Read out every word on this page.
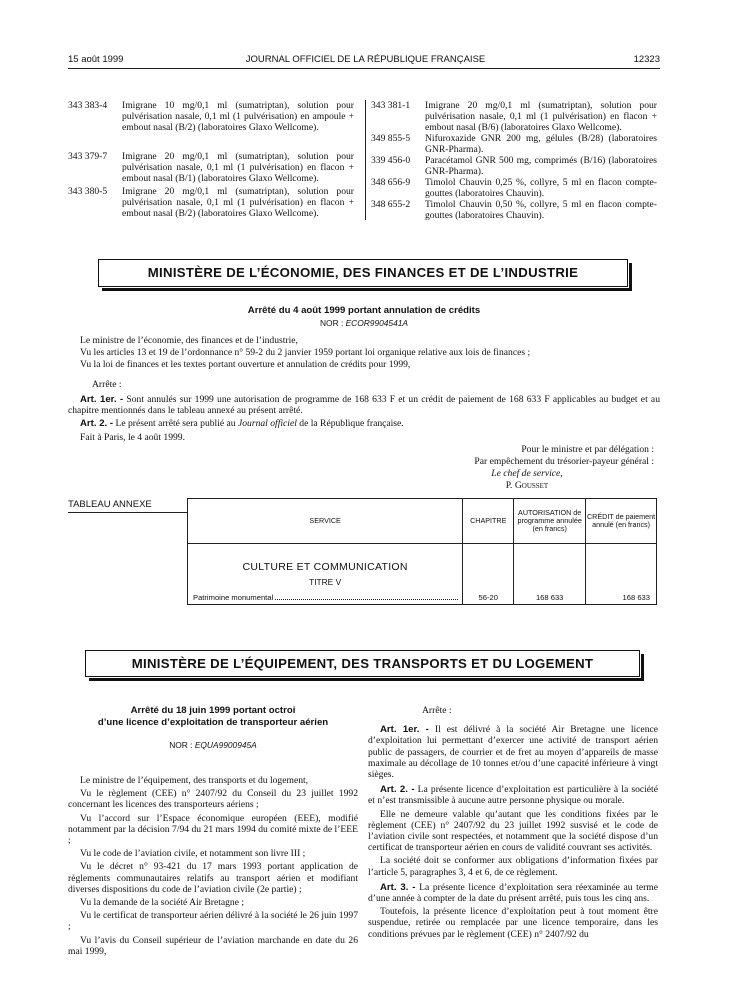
15 août 1999	JOURNAL OFFICIEL DE LA RÉPUBLIQUE FRANÇAISE	12323
343 383-4 Imigrane 10 mg/0,1 ml (sumatriptan), solution pour pulvérisation nasale, 0,1 ml (1 pulvérisation) en ampoule + embout nasal (B/2) (laboratoires Glaxo Wellcome).
343 379-7 Imigrane 20 mg/0,1 ml (sumatriptan), solution pour pulvérisation nasale, 0,1 ml (1 pulvérisation) en flacon + embout nasal (B/1) (laboratoires Glaxo Wellcome).
343 380-5 Imigrane 20 mg/0,1 ml (sumatriptan), solution pour pulvérisation nasale, 0,1 ml (1 pulvérisation) en flacon + embout nasal (B/2) (laboratoires Glaxo Wellcome).
343 381-1 Imigrane 20 mg/0,1 ml (sumatriptan), solution pour pulvérisation nasale, 0,1 ml (1 pulvérisation) en flacon + embout nasal (B/6) (laboratoires Glaxo Wellcome).
349 855-5 Nifuroxazide GNR 200 mg, gélules (B/28) (laboratoires GNR-Pharma).
339 456-0 Paracétamol GNR 500 mg, comprimés (B/16) (laboratoires GNR-Pharma).
348 656-9 Timolol Chauvin 0,25 %, collyre, 5 ml en flacon compte-gouttes (laboratoires Chauvin).
348 655-2 Timolol Chauvin 0,50 %, collyre, 5 ml en flacon compte-gouttes (laboratoires Chauvin).
MINISTÈRE DE L’ÉCONOMIE, DES FINANCES ET DE L’INDUSTRIE
Arrêté du 4 août 1999 portant annulation de crédits
NOR : ECOR9904541A
Le ministre de l’économie, des finances et de l’industrie,
Vu les articles 13 et 19 de l’ordonnance n° 59-2 du 2 janvier 1959 portant loi organique relative aux lois de finances ;
Vu la loi de finances et les textes portant ouverture et annulation de crédits pour 1999,
Arrête :
Art. 1er. - Sont annulés sur 1999 une autorisation de programme de 168 633 F et un crédit de paiement de 168 633 F applicables au budget et au chapitre mentionnés dans le tableau annexé au présent arrêté.
Art. 2. - Le présent arrêté sera publié au Journal officiel de la République française.
Fait à Paris, le 4 août 1999.
Pour le ministre et par délégation :
Par empêchement du trésorier-payeur général :
Le chef de service,
P. Gousset
TABLEAU ANNEXE
SERVICE	CHAPITRE	AUTORISATION de programme annulée (en francs)	CRÉDIT de paiement annulé (en francs)

CULTURE ET COMMUNICATION
TITRE V
Patrimoine monumental	56-20	168 633	168 633
MINISTÈRE DE L’ÉQUIPEMENT, DES TRANSPORTS ET DU LOGEMENT
Arrêté du 18 juin 1999 portant octroi
d’une licence d’exploitation de transporteur aérien
NOR : EQUA9900945A
Le ministre de l’équipement, des transports et du logement,
Vu le règlement (CEE) n° 2407/92 du Conseil du 23 juillet 1992 concernant les licences des transporteurs aériens ;
Vu l’accord sur l’Espace économique européen (EEE), modifié notamment par la décision 7/94 du 21 mars 1994 du comité mixte de l’EEE ;
Vu le code de l’aviation civile, et notamment son livre III ;
Vu le décret n° 93-421 du 17 mars 1993 portant application de règlements communautaires relatifs au transport aérien et modifiant diverses dispositions du code de l’aviation civile (2e partie) ;
Vu la demande de la société Air Bretagne ;
Vu le certificat de transporteur aérien délivré à la société le 26 juin 1997 ;
Vu l’avis du Conseil supérieur de l’aviation marchande en date du 26 mai 1999,
Arrête :
Art. 1er. - Il est délivré à la société Air Bretagne une licence d’exploitation lui permettant d’exercer une activité de transport aérien public de passagers, de courrier et de fret au moyen d’appareils de masse maximale au décollage de 10 tonnes et/ou d’une capacité inférieure à vingt sièges.
Art. 2. - La présente licence d’exploitation est particulière à la société et n’est transmissible à aucune autre personne physique ou morale.
Elle ne demeure valable qu’autant que les conditions fixées par le règlement (CEE) n° 2407/92 du 23 juillet 1992 susvisé et le code de l’aviation civile sont respectées, et notamment que la société dispose d’un certificat de transporteur aérien en cours de validité couvrant ses activités.
La société doit se conformer aux obligations d’information fixées par l’article 5, paragraphes 3, 4 et 6, de ce règlement.
Art. 3. - La présente licence d’exploitation sera réexaminée au terme d’une année à compter de la date du présent arrêté, puis tous les cinq ans.
Toutefois, la présente licence d’exploitation peut à tout moment être suspendue, retirée ou remplacée par une licence temporaire, dans les conditions prévues par le règlement (CEE) n° 2407/92 du
